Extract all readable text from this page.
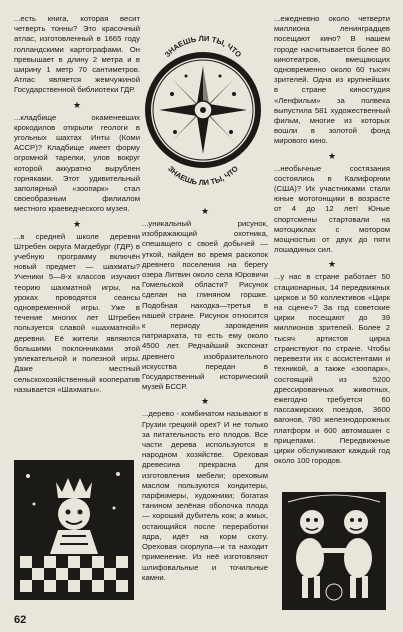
...есть книга, которая весит четверть тонны? Это красочный атлас, изготовленный в 1665 году голландскими картографами. Он превышает в длину 2 метра и в ширину 1 метр 70 сантиметров. Атлас является жемчужиной Государственной библиотеки ГДР.

★

...кладбище окаменевших крокодилов открыли геологи в угольных шахтах Инты (Коми АССР)? Кладбище имеет форму огромной тарелки, улов вокруг которой аккуратно вырублен горняками. Этот удивительный заполярный «зоопарк» стал своеобразным филиалом местного краеведческого музея.

★

...в средней школе деревни Штребен округа Магдебург (ГДР) в учебную программу включён новый предмет — шахматы? Ученики 5—8-х классов изучают теорию шахматной игры, на уроках проводятся сеансы одновременной игры. Уже в течение многих лет Штребен пользуется славой «шахматной» деревни. Её жители являются большими поклонниками этой увлекательной и полезной игры. Даже местный сельскохозяйственный кооператив называется «Шахматы».

ЗНАЕШЬ ЛИ ТЫ, ЧТО
ЗНАЕШЬ ЛИ ТЫ, ЧТО
★

...уникальный рисунок, изображающий охотника, спешащего с своей добычей — уткой, найден во время раскопок древнего поселения на берегу озера Литвин около села Юровичи Гомельской области? Рисунок сделан на глиняном горшке. Подобная находка—третья в нашей стране. Рисунок относится к периоду зарождения патриархата, то есть ему около 4500 лет. Редчайший экспонат древнего изобразительного искусства передан в Государственный исторический музей БССР.

★

...дерево - комбинатом называют в Грузии грецкий орех? И не только за питательность его плодов. Все части дерева используются в народном хозяйстве. Ореховая древесина прекрасна для изготовления мебели; ореховым маслом пользуются кондитеры, парфюмеры, художники; богатая танином зелёная оболочка плода — хороший дубитель кож; а жмых, остающийся после переработки ядра, идёт на корм скоту. Ореховая скорлупа—и та находит применение. Из неё изготовляют шлифовальные и точильные камни.

...ежедневно около четверти миллиона ленинградцев посещают кино? В нашем городе насчитывается более 80 кинотеатров, вмещающих одновременно около 60 тысяч зрителей. Одна из крупнейших в стране киностудия «Ленфильм» за полвека выпустила 581 художественный фильм, многие из которых вошли в золотой фонд мирового кино.

★

...необычные состязания состоялись в Калифорнии (США)? Их участниками стали юные мотогонщики в возрасте от 4 до 12 лет! Юные спортсмены стартовали на мотоциклах с мотором мощностью от двух до пяти лошадиных сил.

★

...у нас в стране работает 50 стационарных, 14 передвижных цирков и 50 коллективов «Цирк на сцене»? За год советские цирки посещают до 39 миллионов зрителей. Более 2 тысяч артистов цирка странствуют по стране. Чтобы перевезти их с ассистентами и техникой, а также «зоопарк», состоящий из 5200 дрессированных животных, ежегодно требуется 60 пассажирских поездов, 3600 вагонов, 780 железнодорожных платформ и 600 автомашин с прицепами. Передвижные цирки обслуживают каждый год около 100 городов.

62
